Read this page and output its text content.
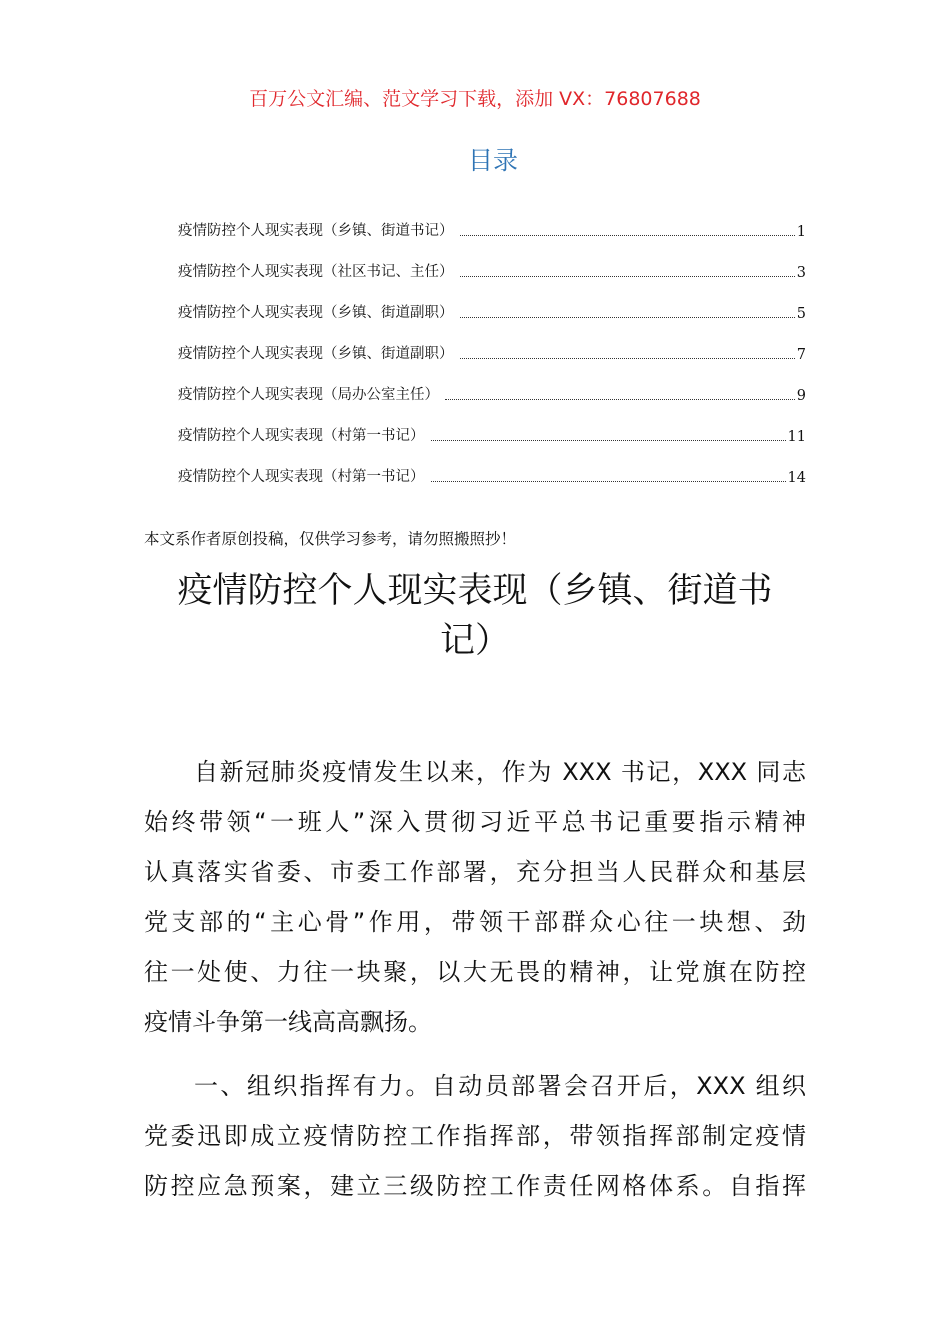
百万公文汇编、范文学习下载，添加 VX：76807688
目录
疫情防控个人现实表现（乡镇、街道书记）	1
疫情防控个人现实表现（社区书记、主任）	3
疫情防控个人现实表现（乡镇、街道副职）	5
疫情防控个人现实表现（乡镇、街道副职）	7
疫情防控个人现实表现（局办公室主任）	9
疫情防控个人现实表现（村第一书记）	11
疫情防控个人现实表现（村第一书记）	14
本文系作者原创投稿，仅供学习参考，请勿照搬照抄！
疫情防控个人现实表现（乡镇、街道书
记）
自新冠肺炎疫情发生以来，作为 XXX 书记，XXX 同志
始终带领“一班人”深入贯彻习近平总书记重要指示精神
认真落实省委、市委工作部署，充分担当人民群众和基层
党支部的“主心骨”作用，带领干部群众心往一块想、劲
往一处使、力往一块聚，以大无畏的精神，让党旗在防控
疫情斗争第一线高高飘扬。
一、组织指挥有力。自动员部署会召开后，XXX 组织
党委迅即成立疫情防控工作指挥部，带领指挥部制定疫情
防控应急预案，建立三级防控工作责任网格体系。自指挥
